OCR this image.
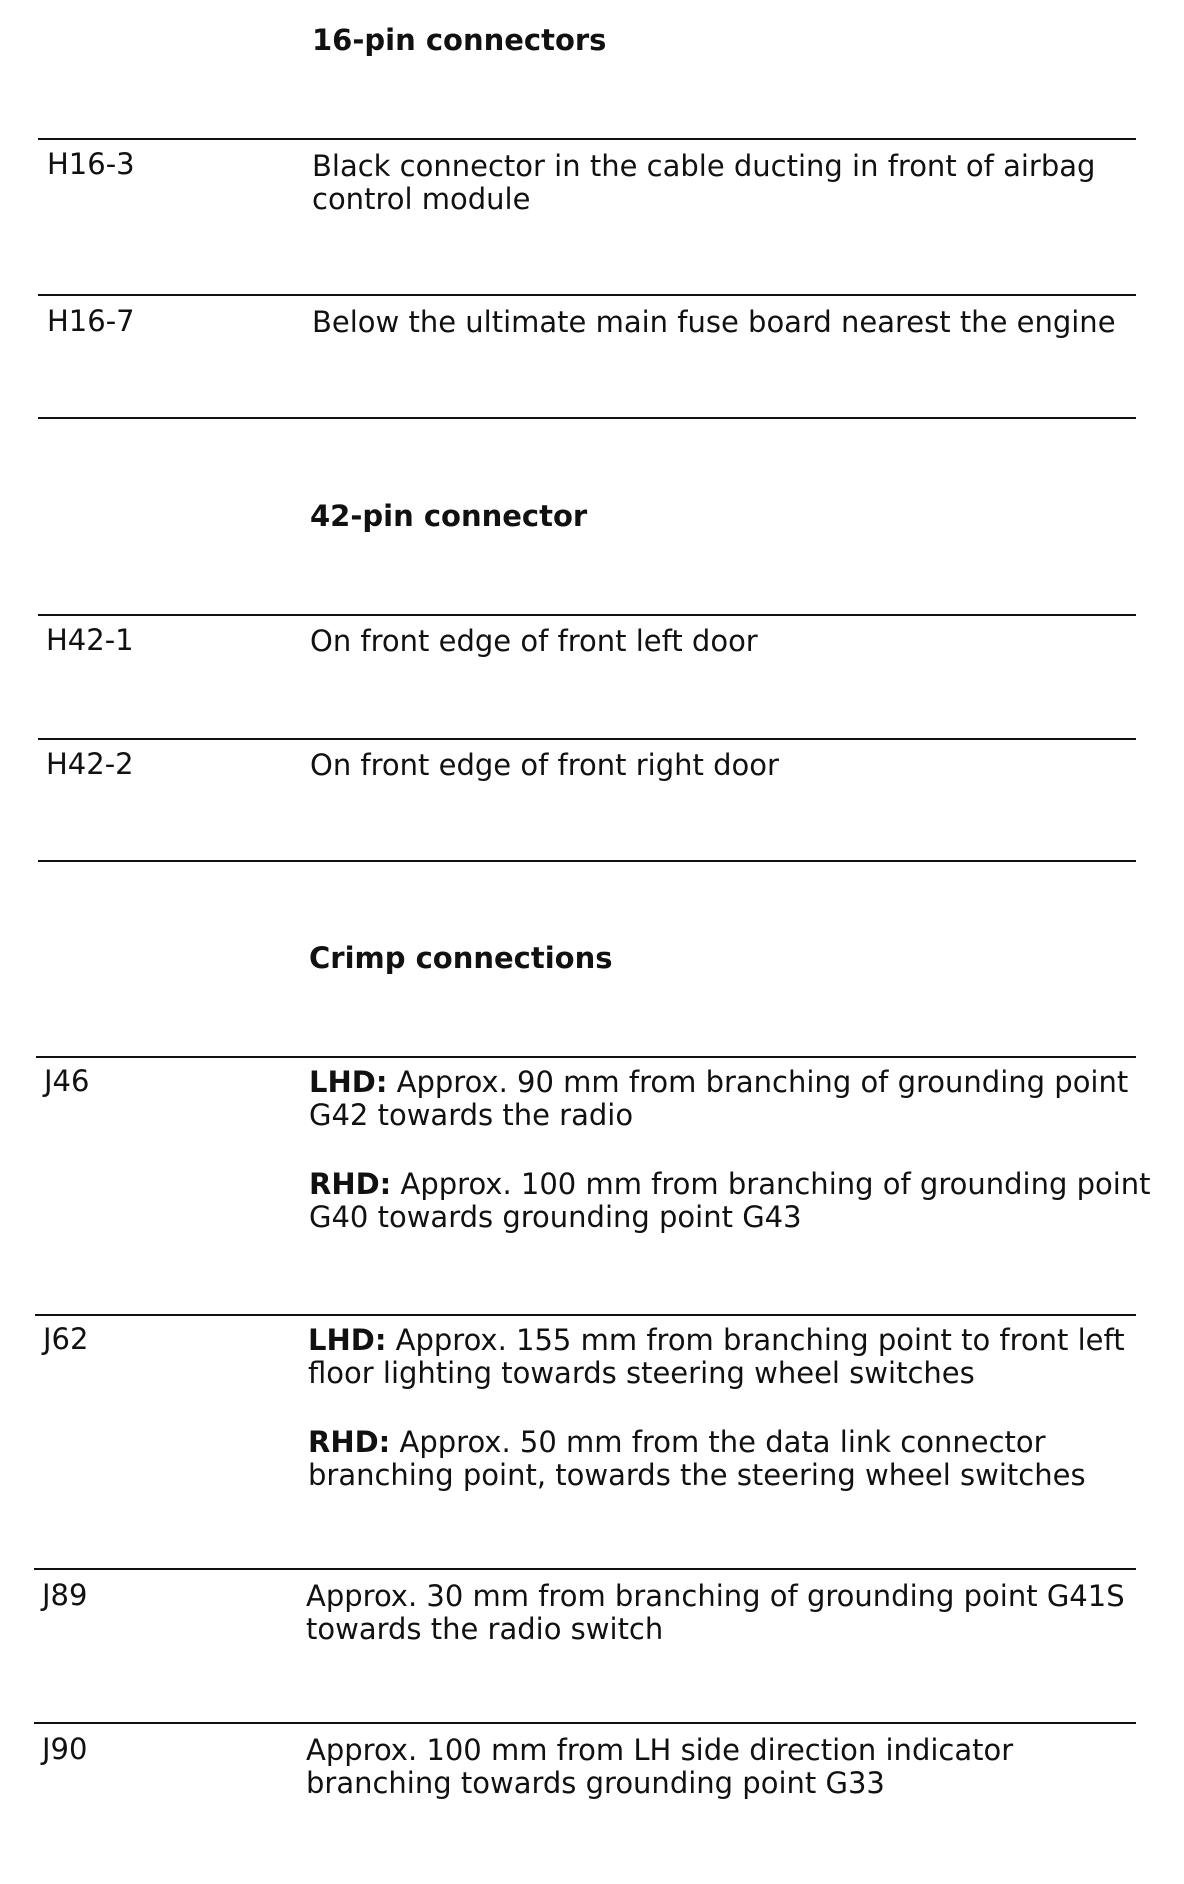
16-pin connectors
H16-3	Black connector in the cable ducting in front of airbag control module
H16-7	Below the ultimate main fuse board nearest the engine
42-pin connector
H42-1	On front edge of front left door
H42-2	On front edge of front right door
Crimp connections
J46	LHD: Approx. 90 mm from branching of grounding point G42 towards the radio

RHD: Approx. 100 mm from branching of grounding point G40 towards grounding point G43

J62	LHD: Approx. 155 mm from branching point to front left floor lighting towards steering wheel switches

RHD: Approx. 50 mm from the data link connector branching point, towards the steering wheel switches

J89	Approx. 30 mm from branching of grounding point G41S towards the radio switch
J90	Approx. 100 mm from LH side direction indicator branching towards grounding point G33
